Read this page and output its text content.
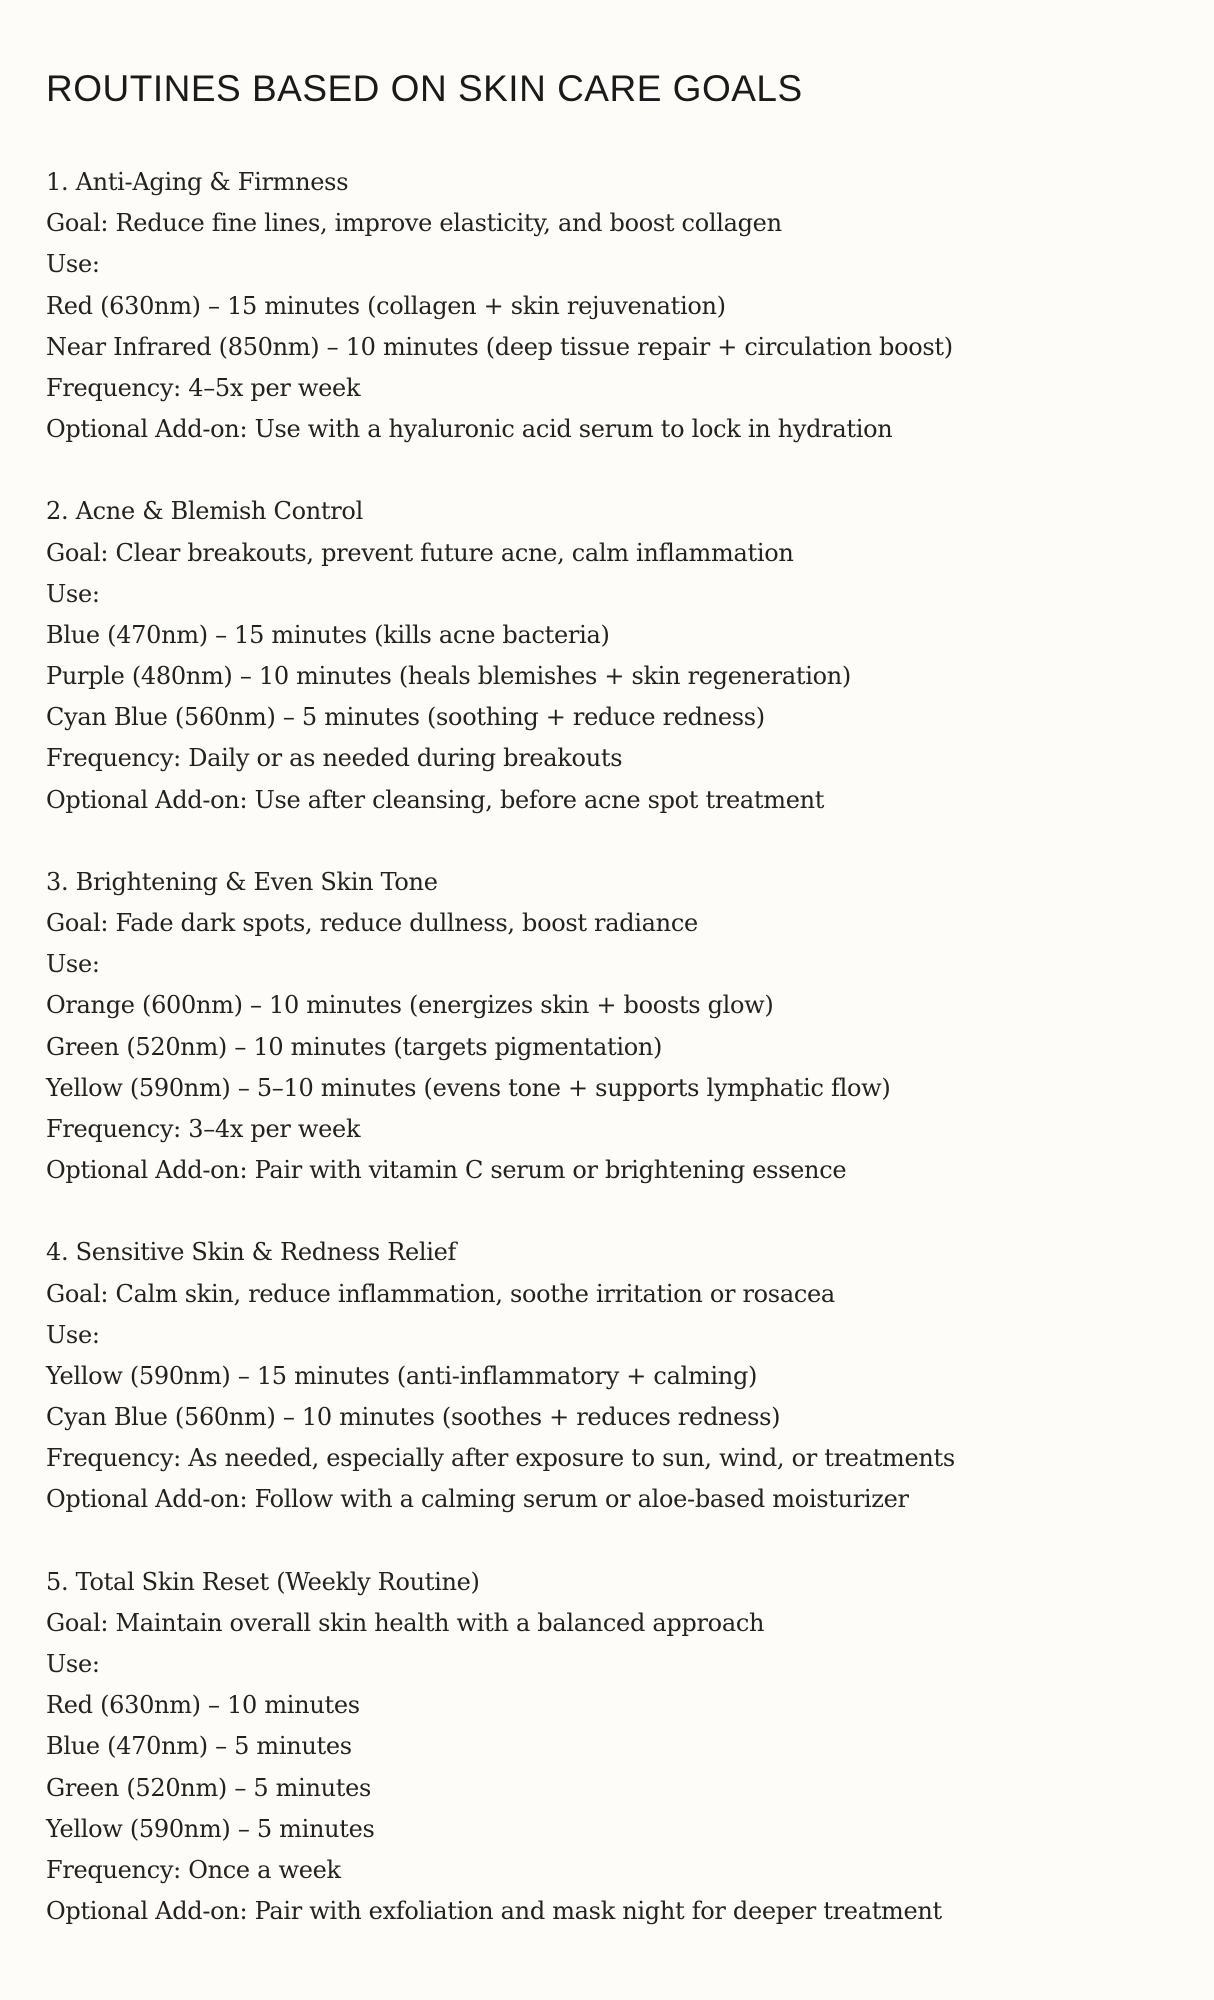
ROUTINES BASED ON SKIN CARE GOALS
1. Anti-Aging & Firmness
Goal: Reduce fine lines, improve elasticity, and boost collagen
Use:
Red (630nm) – 15 minutes (collagen + skin rejuvenation)
Near Infrared (850nm) – 10 minutes (deep tissue repair + circulation boost)
Frequency: 4–5x per week
Optional Add-on: Use with a hyaluronic acid serum to lock in hydration
2. Acne & Blemish Control
Goal: Clear breakouts, prevent future acne, calm inflammation
Use:
Blue (470nm) – 15 minutes (kills acne bacteria)
Purple (480nm) – 10 minutes (heals blemishes + skin regeneration)
Cyan Blue (560nm) – 5 minutes (soothing + reduce redness)
Frequency: Daily or as needed during breakouts
Optional Add-on: Use after cleansing, before acne spot treatment
3. Brightening & Even Skin Tone
Goal: Fade dark spots, reduce dullness, boost radiance
Use:
Orange (600nm) – 10 minutes (energizes skin + boosts glow)
Green (520nm) – 10 minutes (targets pigmentation)
Yellow (590nm) – 5–10 minutes (evens tone + supports lymphatic flow)
Frequency: 3–4x per week
Optional Add-on: Pair with vitamin C serum or brightening essence
4. Sensitive Skin & Redness Relief
Goal: Calm skin, reduce inflammation, soothe irritation or rosacea
Use:
Yellow (590nm) – 15 minutes (anti-inflammatory + calming)
Cyan Blue (560nm) – 10 minutes (soothes + reduces redness)
Frequency: As needed, especially after exposure to sun, wind, or treatments
Optional Add-on: Follow with a calming serum or aloe-based moisturizer
5. Total Skin Reset (Weekly Routine)
Goal: Maintain overall skin health with a balanced approach
Use:
Red (630nm) – 10 minutes
Blue (470nm) – 5 minutes
Green (520nm) – 5 minutes
Yellow (590nm) – 5 minutes
Frequency: Once a week
Optional Add-on: Pair with exfoliation and mask night for deeper treatment
